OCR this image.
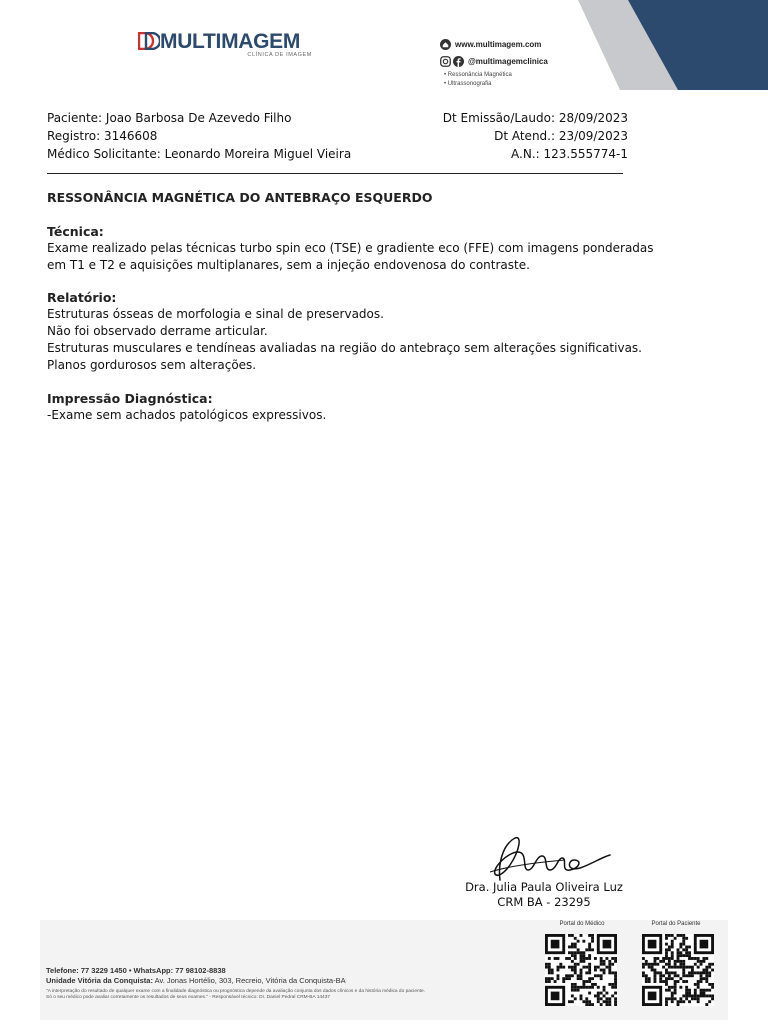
MULTIMAGEM
CLÍNICA DE IMAGEM
www.multimagem.com
@multimagemclinica
• Ressonância Magnética
• Ultrassonografia
Paciente: Joao Barbosa De Azevedo Filho
Registro: 3146608
Médico Solicitante: Leonardo Moreira Miguel Vieira
Dt Emissão/Laudo: 28/09/2023
Dt Atend.: 23/09/2023
A.N.: 123.555774-1
RESSONÂNCIA MAGNÉTICA DO ANTEBRAÇO ESQUERDO
Técnica:

Exame realizado pelas técnicas turbo spin eco (TSE) e gradiente eco (FFE) com imagens ponderadas

em T1 e T2 e aquisições multiplanares, sem a injeção endovenosa do contraste.

Relatório:

Estruturas ósseas de morfologia e sinal de preservados.

Não foi observado derrame articular.

Estruturas musculares e tendíneas avaliadas na região do antebraço sem alterações significativas.

Planos gordurosos sem alterações.

Impressão Diagnóstica:

-Exame sem achados patológicos expressivos.

Dra. Julia Paula Oliveira Luz
CRM BA - 23295
Telefone: 77 3229 1450 • WhatsApp: 77 98102-8838
Unidade Vitória da Conquista: Av. Jonas Hortélio, 303, Recreio, Vitória da Conquista-BA
"A interpretação do resultado de qualquer exame com a finalidade diagnóstica ou prognóstica depende da avaliação conjunta dos dados clínicos e da história médica do paciente.
Só o seu médico pode avaliar corretamente os resultados de seus exames." - Responsável técnico: Dr. Daniel Pedral CRM-BA 14437
Portal do Médico	Portal do Paciente
